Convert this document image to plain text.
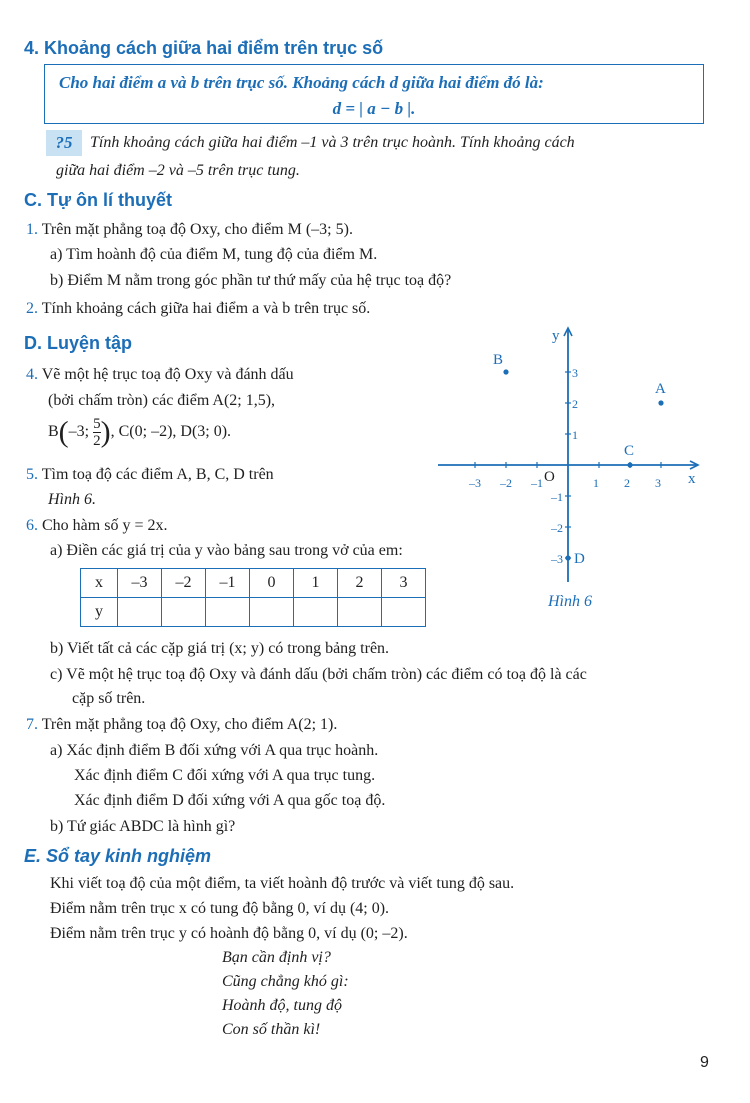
4. Khoảng cách giữa hai điểm trên trục số
Cho hai điểm a và b trên trục số. Khoảng cách d giữa hai điểm đó là:
d = | a − b |.
?5	Tính khoảng cách giữa hai điểm –1 và 3 trên trục hoành. Tính khoảng cách
giữa hai điểm –2 và –5 trên trục tung.
C. Tự ôn lí thuyết
1. Trên mặt phẳng toạ độ Oxy, cho điểm M (–3; 5).
a) Tìm hoành độ của điểm M, tung độ của điểm M.
b) Điểm M nằm trong góc phần tư thứ mấy của hệ trục toạ độ?
2. Tính khoảng cách giữa hai điểm a và b trên trục số.
D. Luyện tập
4. Vẽ một hệ trục toạ độ Oxy và đánh dấu
(bởi chấm tròn) các điểm A(2; 1,5),
B(–3; $\frac{5}{2}$ ), C(0; –2), D(3; 0).
5. Tìm toạ độ các điểm A, B, C, D trên
Hình 6.
6. Cho hàm số y = 2x.
a) Điền các giá trị của y vào bảng sau trong vở của em:
x	–3	–2	–1	0	1	2	3
y							
b) Viết tất cả các cặp giá trị (x; y) có trong bảng trên.
c) Vẽ một hệ trục toạ độ Oxy và đánh dấu (bởi chấm tròn) các điểm có toạ độ là các
cặp số trên.
7. Trên mặt phẳng toạ độ Oxy, cho điểm A(2; 1).
a) Xác định điểm B đối xứng với A qua trục hoành.
Xác định điểm C đối xứng với A qua trục tung.
Xác định điểm D đối xứng với A qua gốc toạ độ.
b) Tứ giác ABDC là hình gì?
E. Sổ tay kinh nghiệm
Khi viết toạ độ của một điểm, ta viết hoành độ trước và viết tung độ sau.
Điểm nằm trên trục x có tung độ bằng 0, ví dụ (4; 0).
Điểm nằm trên trục y có hoành độ bằng 0, ví dụ (0; –2).
Bạn cần định vị?
Cũng chẳng khó gì:
Hoành độ, tung độ
Con số thần kì!
9
x
y
O
–3 –2 –1	1 2 3
3
2
1
–1
–2
–3
A
B
C
D
Hình 6
